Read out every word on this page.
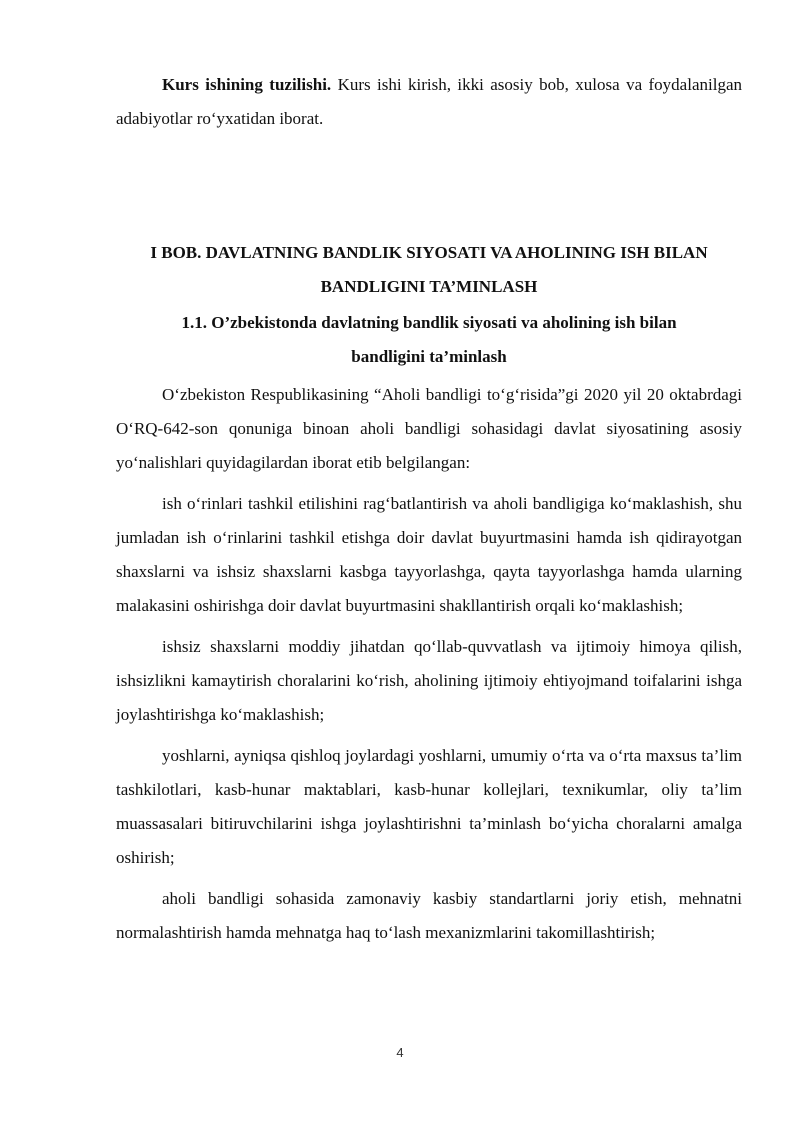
Kurs ishining tuzilishi. Kurs ishi kirish, ikki asosiy bob, xulosa va foydalanilgan adabiyotlar ro‘yxatidan iborat.

I BOB. DAVLATNING BANDLIK SIYOSATI VA AHOLINING ISH BILAN BANDLIGINI TA’MINLASH
1.1. O’zbekistonda davlatning bandlik siyosati va aholining ish bilan bandligini ta’minlash

O‘zbekiston Respublikasining “Aholi bandligi to‘g‘risida”gi 2020 yil 20 oktabrdagi O‘RQ-642-son qonuniga binoan aholi bandligi sohasidagi davlat siyosatining asosiy yo‘nalishlari quyidagilardan iborat etib belgilangan:

ish o‘rinlari tashkil etilishini rag‘batlantirish va aholi bandligiga ko‘maklashish, shu jumladan ish o‘rinlarini tashkil etishga doir davlat buyurtmasini hamda ish qidirayotgan shaxslarni va ishsiz shaxslarni kasbga tayyorlashga, qayta tayyorlashga hamda ularning malakasini oshirishga doir davlat buyurtmasini shakllantirish orqali ko‘maklashish;

ishsiz shaxslarni moddiy jihatdan qo‘llab-quvvatlash va ijtimoiy himoya qilish, ishsizlikni kamaytirish choralarini ko‘rish, aholining ijtimoiy ehtiyojmand toifalarini ishga joylashtirishga ko‘maklashish;

yoshlarni, ayniqsa qishloq joylardagi yoshlarni, umumiy o‘rta va o‘rta maxsus ta’lim tashkilotlari, kasb-hunar maktablari, kasb-hunar kollejlari, texnikumlar, oliy ta’lim muassasalari bitiruvchilarini ishga joylashtirishni ta’minlash bo‘yicha choralarni amalga oshirish;

aholi bandligi sohasida zamonaviy kasbiy standartlarni joriy etish, mehnatni normalashtirish hamda mehnatga haq to‘lash mexanizmlarini takomillashtirish;

4
